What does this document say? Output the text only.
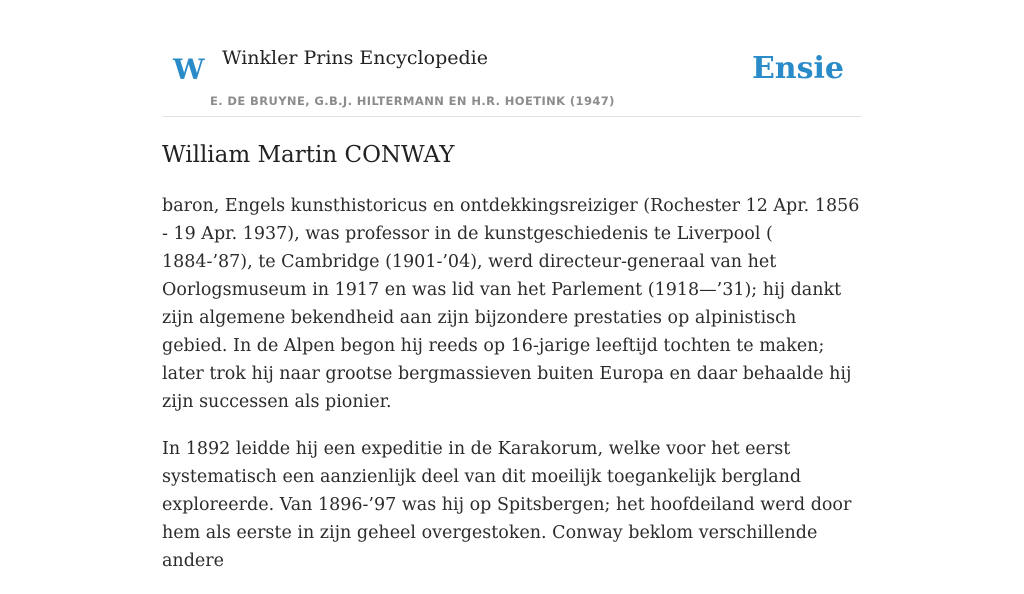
W Winkler Prins Encyclopedie
E. DE BRUYNE, G.B.J. HILTERMANN EN H.R. HOETINK (1947)
Ensie
William Martin CONWAY

baron, Engels kunsthistoricus en ontdekkingsreiziger (Rochester 12 Apr. 1856 - 19 Apr. 1937), was professor in de kunstgeschiedenis te Liverpool ( 1884-’87), te Cambridge (1901-’04), werd directeur-generaal van het Oorlogsmuseum in 1917 en was lid van het Parlement (1918—’31); hij dankt zijn algemene bekendheid aan zijn bijzondere prestaties op alpinistisch gebied. In de Alpen begon hij reeds op 16-jarige leeftijd tochten te maken; later trok hij naar grootse bergmassieven buiten Europa en daar behaalde hij zijn successen als pionier.

In 1892 leidde hij een expeditie in de Karakorum, welke voor het eerst systematisch een aanzienlijk deel van dit moeilijk toegankelijk bergland exploreerde. Van 1896-’97 was hij op Spitsbergen; het hoofdeiland werd door hem als eerste in zijn geheel overgestoken. Conway beklom verschillende andere
